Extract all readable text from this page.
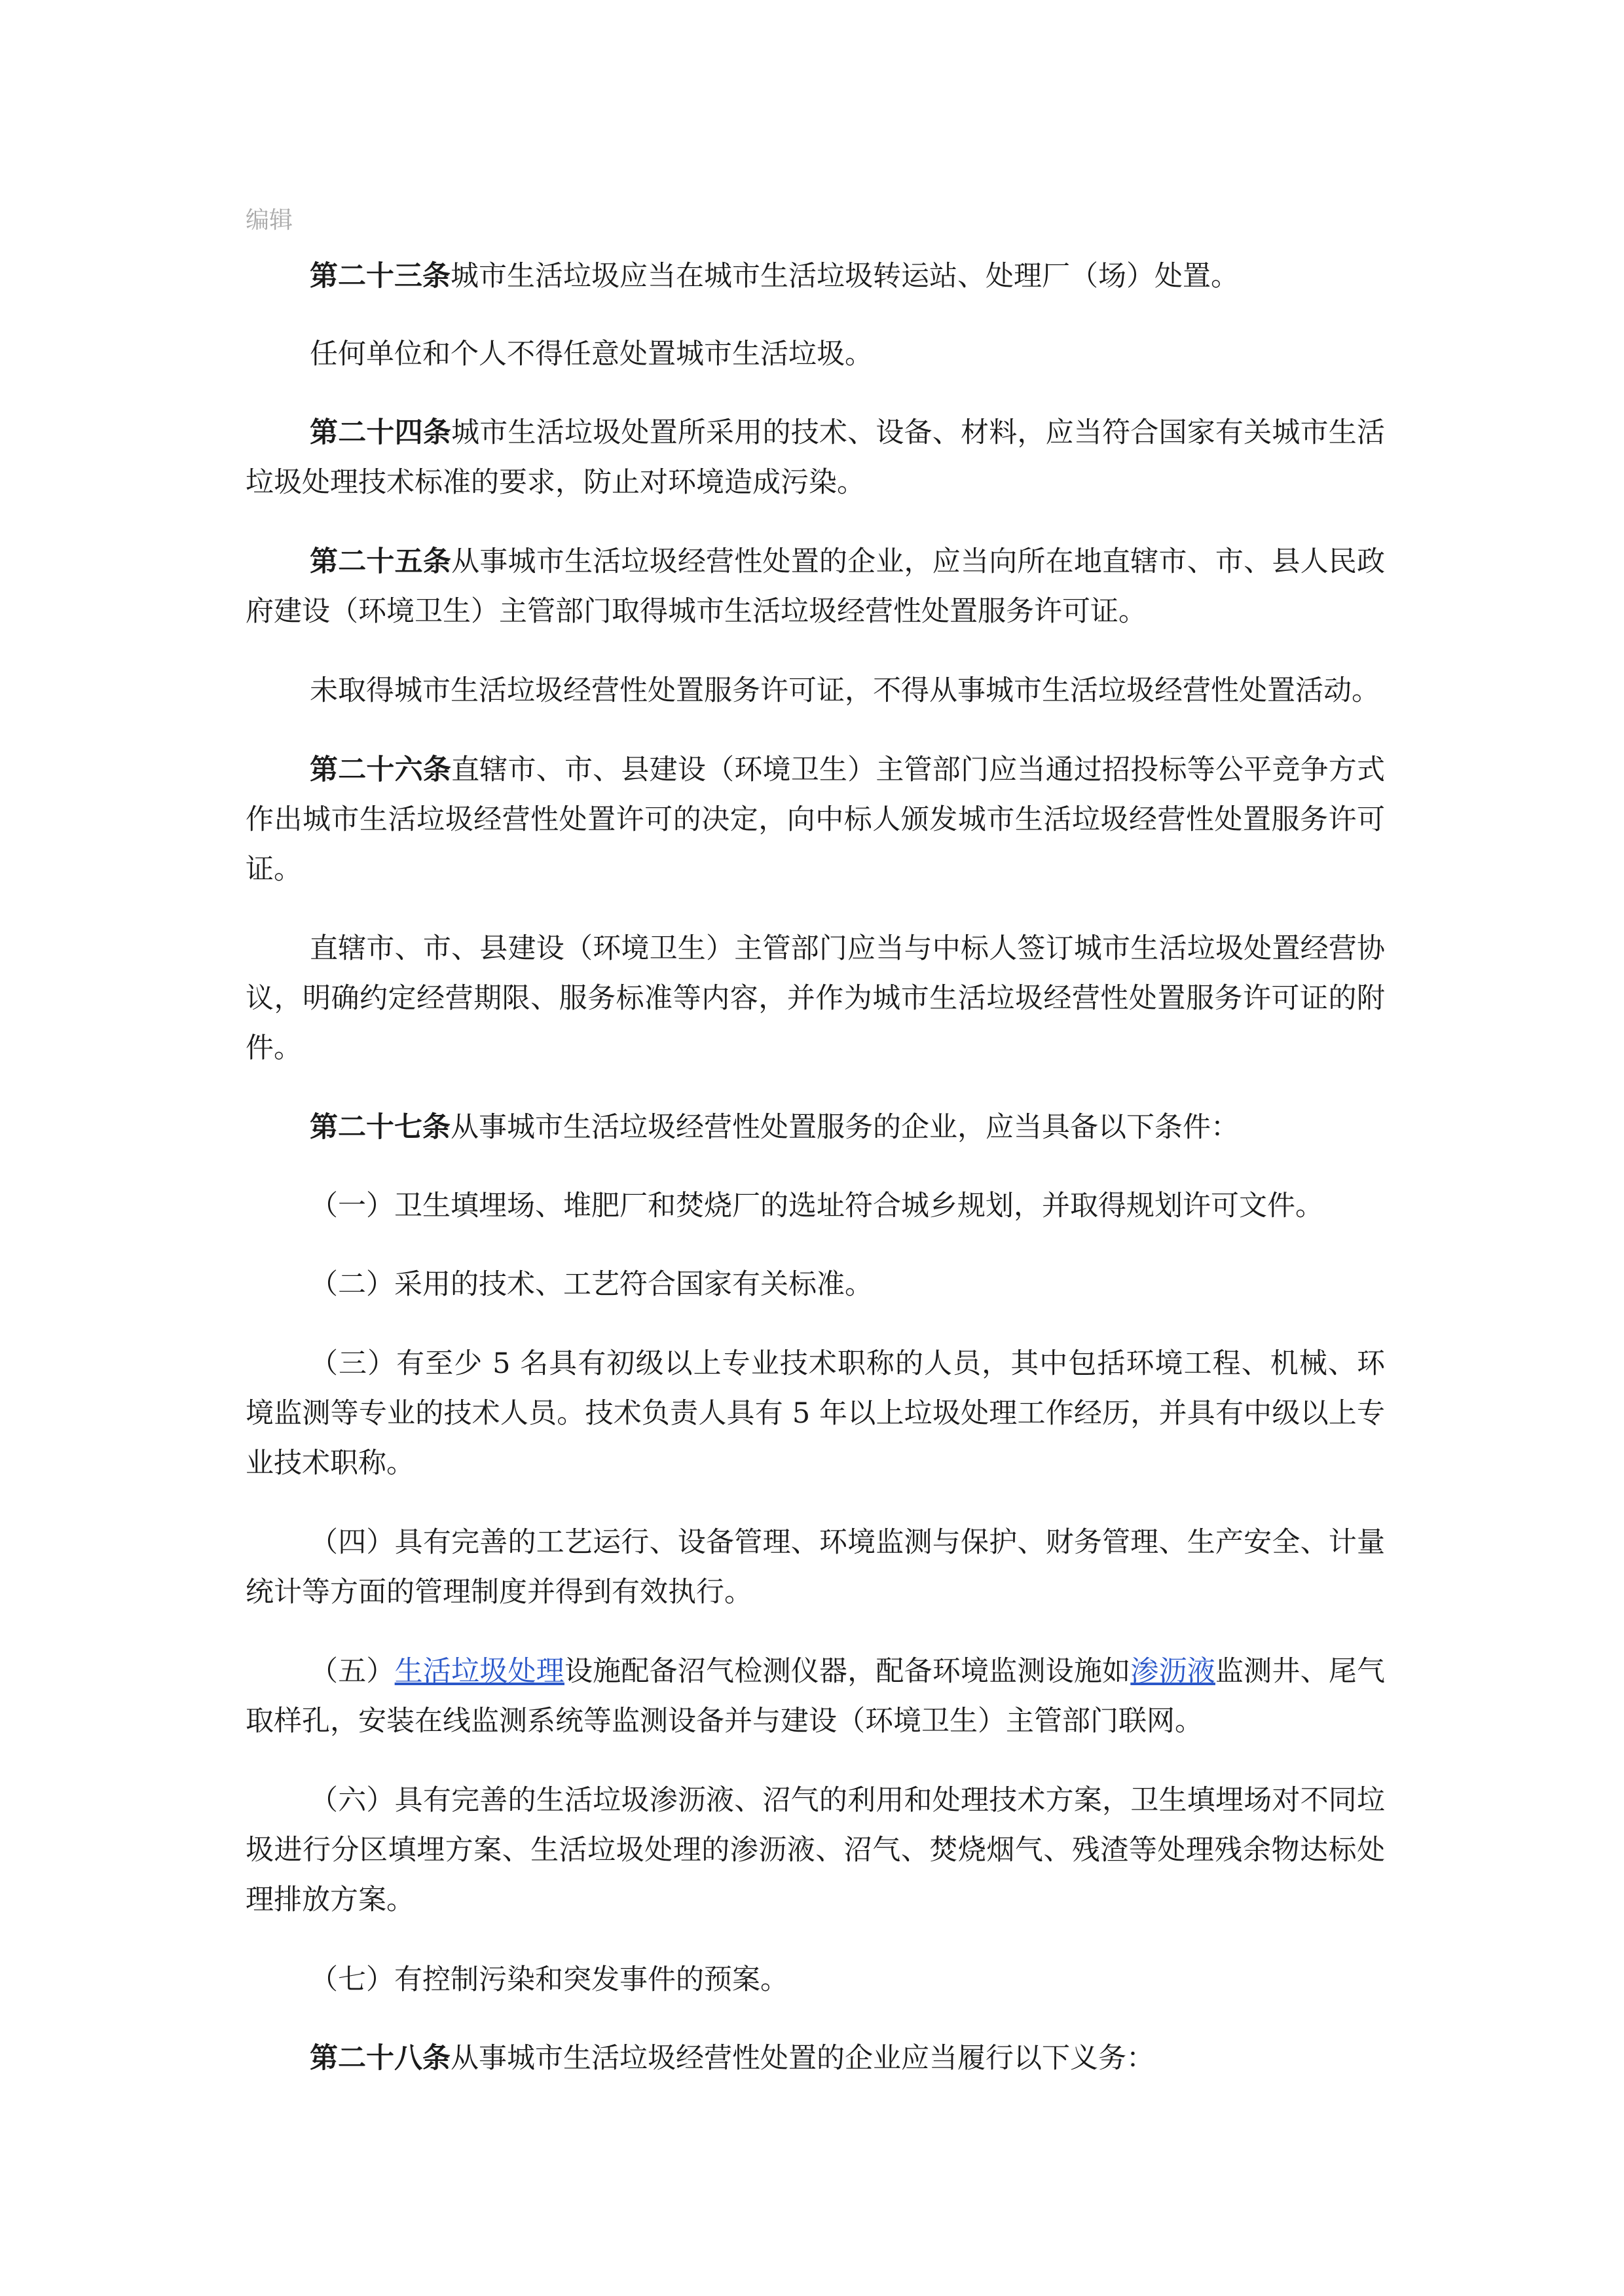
编辑

第二十三条城市生活垃圾应当在城市生活垃圾转运站、处理厂（场）处置。

任何单位和个人不得任意处置城市生活垃圾。

第二十四条城市生活垃圾处置所采用的技术、设备、材料，应当符合国家有关城市生活垃圾处理技术标准的要求，防止对环境造成污染。

第二十五条从事城市生活垃圾经营性处置的企业，应当向所在地直辖市、市、县人民政府建设（环境卫生）主管部门取得城市生活垃圾经营性处置服务许可证。

未取得城市生活垃圾经营性处置服务许可证，不得从事城市生活垃圾经营性处置活动。

第二十六条直辖市、市、县建设（环境卫生）主管部门应当通过招投标等公平竞争方式作出城市生活垃圾经营性处置许可的决定，向中标人颁发城市生活垃圾经营性处置服务许可证。

直辖市、市、县建设（环境卫生）主管部门应当与中标人签订城市生活垃圾处置经营协议，明确约定经营期限、服务标准等内容，并作为城市生活垃圾经营性处置服务许可证的附件。

第二十七条从事城市生活垃圾经营性处置服务的企业，应当具备以下条件：

（一）卫生填埋场、堆肥厂和焚烧厂的选址符合城乡规划，并取得规划许可文件。

（二）采用的技术、工艺符合国家有关标准。

（三）有至少 5 名具有初级以上专业技术职称的人员，其中包括环境工程、机械、环境监测等专业的技术人员。技术负责人具有 5 年以上垃圾处理工作经历，并具有中级以上专业技术职称。

（四）具有完善的工艺运行、设备管理、环境监测与保护、财务管理、生产安全、计量统计等方面的管理制度并得到有效执行。

（五）生活垃圾处理设施配备沼气检测仪器，配备环境监测设施如渗沥液监测井、尾气取样孔，安装在线监测系统等监测设备并与建设（环境卫生）主管部门联网。

（六）具有完善的生活垃圾渗沥液、沼气的利用和处理技术方案，卫生填埋场对不同垃圾进行分区填埋方案、生活垃圾处理的渗沥液、沼气、焚烧烟气、残渣等处理残余物达标处理排放方案。

（七）有控制污染和突发事件的预案。

第二十八条从事城市生活垃圾经营性处置的企业应当履行以下义务：
